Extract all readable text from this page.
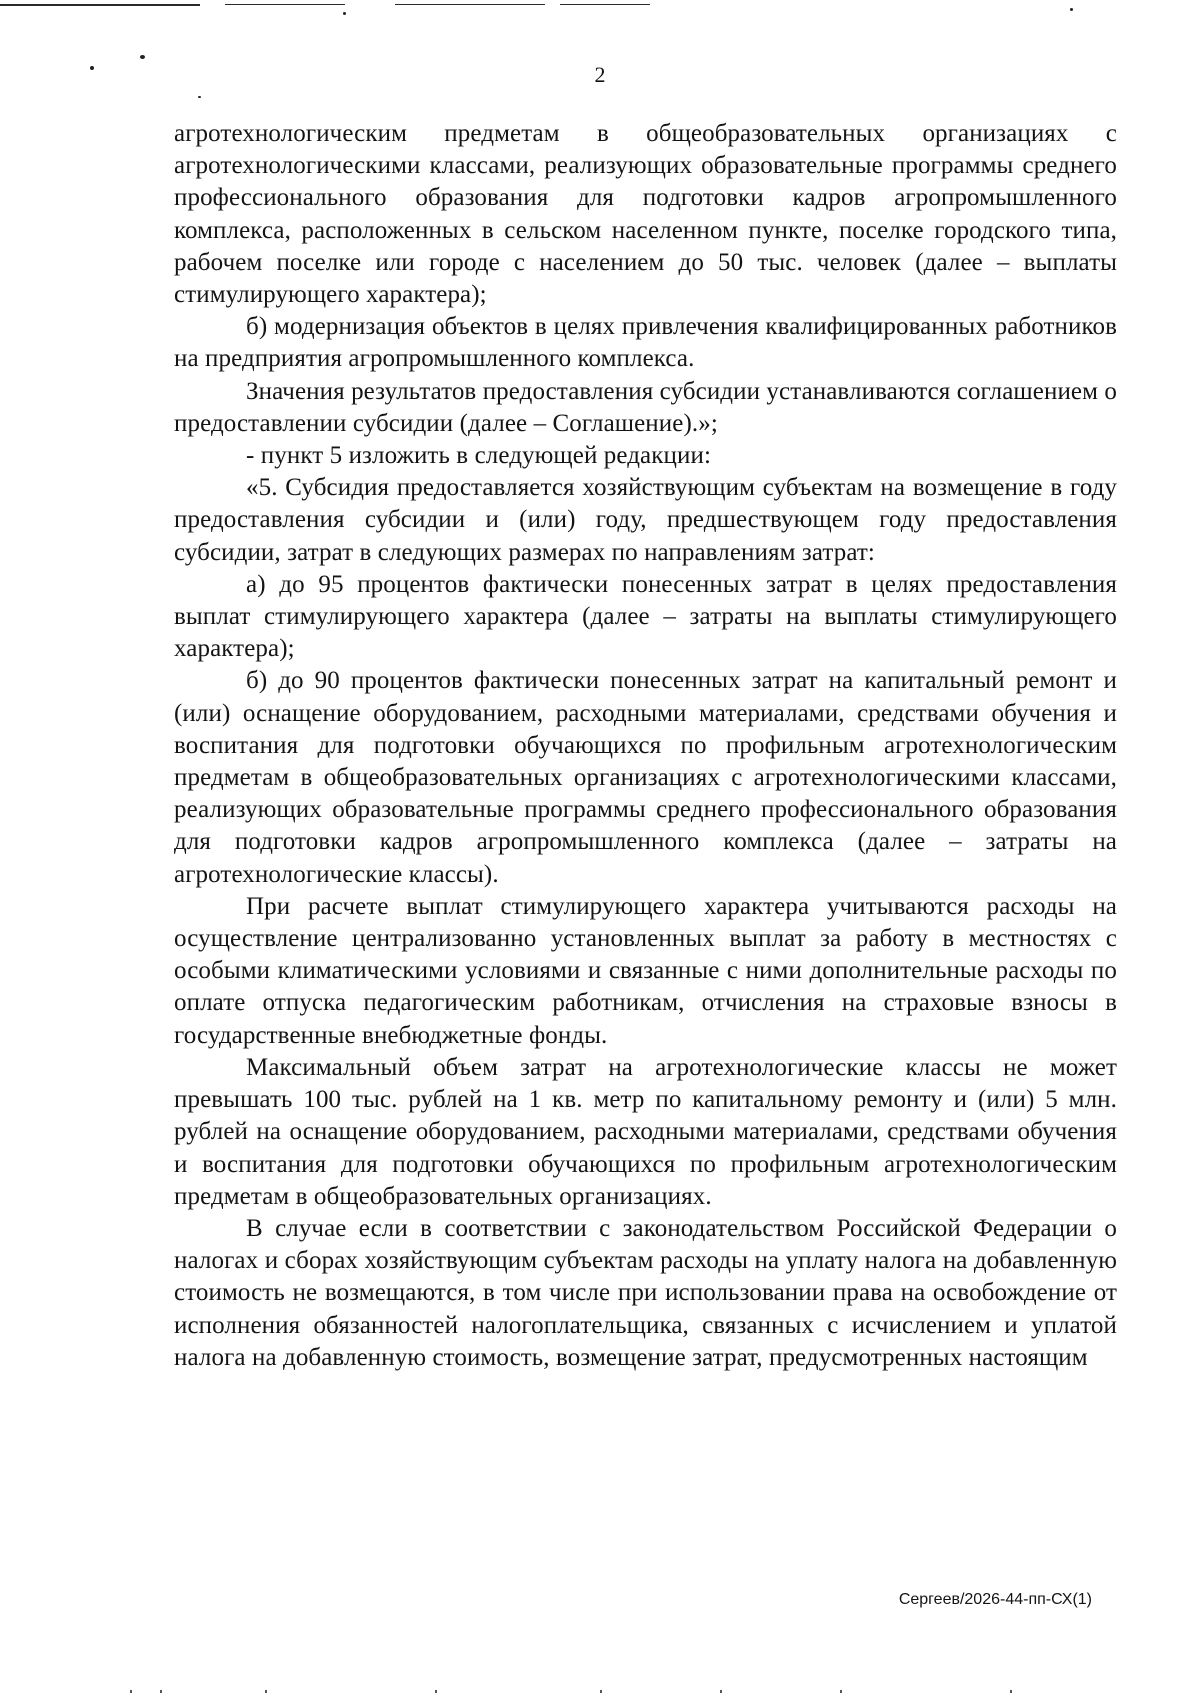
2

агротехнологическим предметам в общеобразовательных организациях с агротехнологическими классами, реализующих образовательные программы среднего профессионального образования для подготовки кадров агропромышленного комплекса, расположенных в сельском населенном пункте, поселке городского типа, рабочем поселке или городе с населением до 50 тыс. человек (далее – выплаты стимулирующего характера);

б) модернизация объектов в целях привлечения квалифицированных работников на предприятия агропромышленного комплекса.

Значения результатов предоставления субсидии устанавливаются соглашением о предоставлении субсидии (далее – Соглашение).»;

- пункт 5 изложить в следующей редакции:

«5. Субсидия предоставляется хозяйствующим субъектам на возмещение в году предоставления субсидии и (или) году, предшествующем году предоставления субсидии, затрат в следующих размерах по направлениям затрат:

а) до 95 процентов фактически понесенных затрат в целях предоставления выплат стимулирующего характера (далее – затраты на выплаты стимулирующего характера);

б) до 90 процентов фактически понесенных затрат на капитальный ремонт и (или) оснащение оборудованием, расходными материалами, средствами обучения и воспитания для подготовки обучающихся по профильным агротехнологическим предметам в общеобразовательных организациях с агротехнологическими классами, реализующих образовательные программы среднего профессионального образования для подготовки кадров агропромышленного комплекса (далее – затраты на агротехнологические классы).

При расчете выплат стимулирующего характера учитываются расходы на осуществление централизованно установленных выплат за работу в местностях с особыми климатическими условиями и связанные с ними дополнительные расходы по оплате отпуска педагогическим работникам, отчисления на страховые взносы в государственные внебюджетные фонды.

Максимальный объем затрат на агротехнологические классы не может превышать 100 тыс. рублей на 1 кв. метр по капитальному ремонту и (или) 5 млн. рублей на оснащение оборудованием, расходными материалами, средствами обучения и воспитания для подготовки обучающихся по профильным агротехнологическим предметам в общеобразовательных организациях.

В случае если в соответствии с законодательством Российской Федерации о налогах и сборах хозяйствующим субъектам расходы на уплату налога на добавленную стоимость не возмещаются, в том числе при использовании права на освобождение от исполнения обязанностей налогоплательщика, связанных с исчислением и уплатой налога на добавленную стоимость, возмещение затрат, предусмотренных настоящим

Сергеев/2026-44-пп-СХ(1)
